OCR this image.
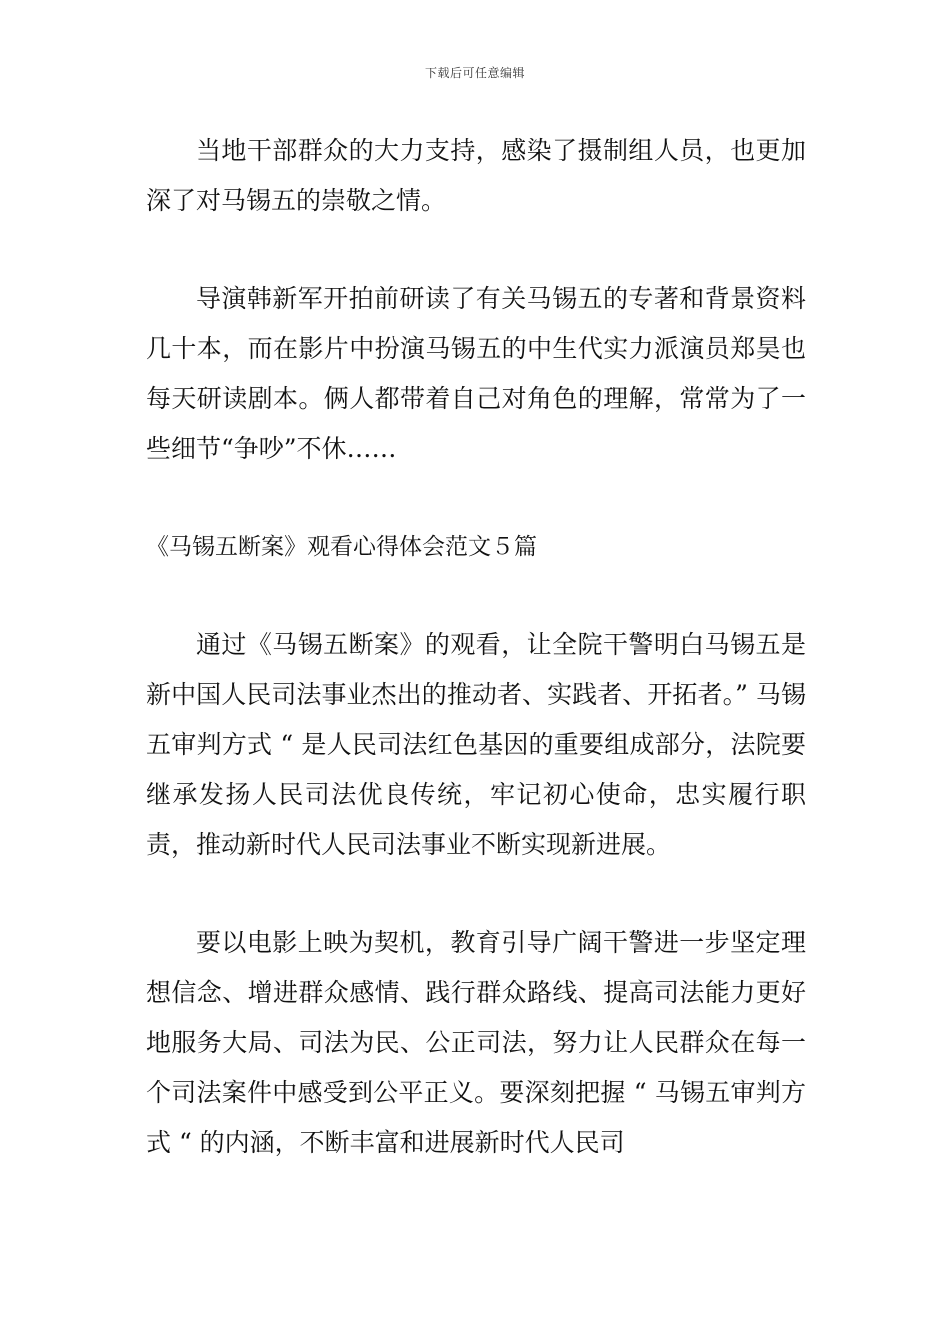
下载后可任意编辑

当地干部群众的大力支持，感染了摄制组人员，也更加深了对马锡五的崇敬之情。

导演韩新军开拍前研读了有关马锡五的专著和背景资料几十本，而在影片中扮演马锡五的中生代实力派演员郑昊也每天研读剧本。俩人都带着自己对角色的理解，常常为了一些细节“争吵”不休……

《马锡五断案》观看心得体会范文５篇

通过《马锡五断案》的观看，让全院干警明白马锡五是新中国人民司法事业杰出的推动者、实践者、开拓者。” 马锡五审判方式 “ 是人民司法红色基因的重要组成部分，法院要继承发扬人民司法优良传统，牢记初心使命，忠实履行职责，推动新时代人民司法事业不断实现新进展。

要以电影上映为契机，教育引导广阔干警进一步坚定理想信念、增进群众感情、践行群众路线、提高司法能力更好地服务大局、司法为民、公正司法，努力让人民群众在每一个司法案件中感受到公平正义。要深刻把握 “ 马锡五审判方式 “ 的内涵，不断丰富和进展新时代人民司
